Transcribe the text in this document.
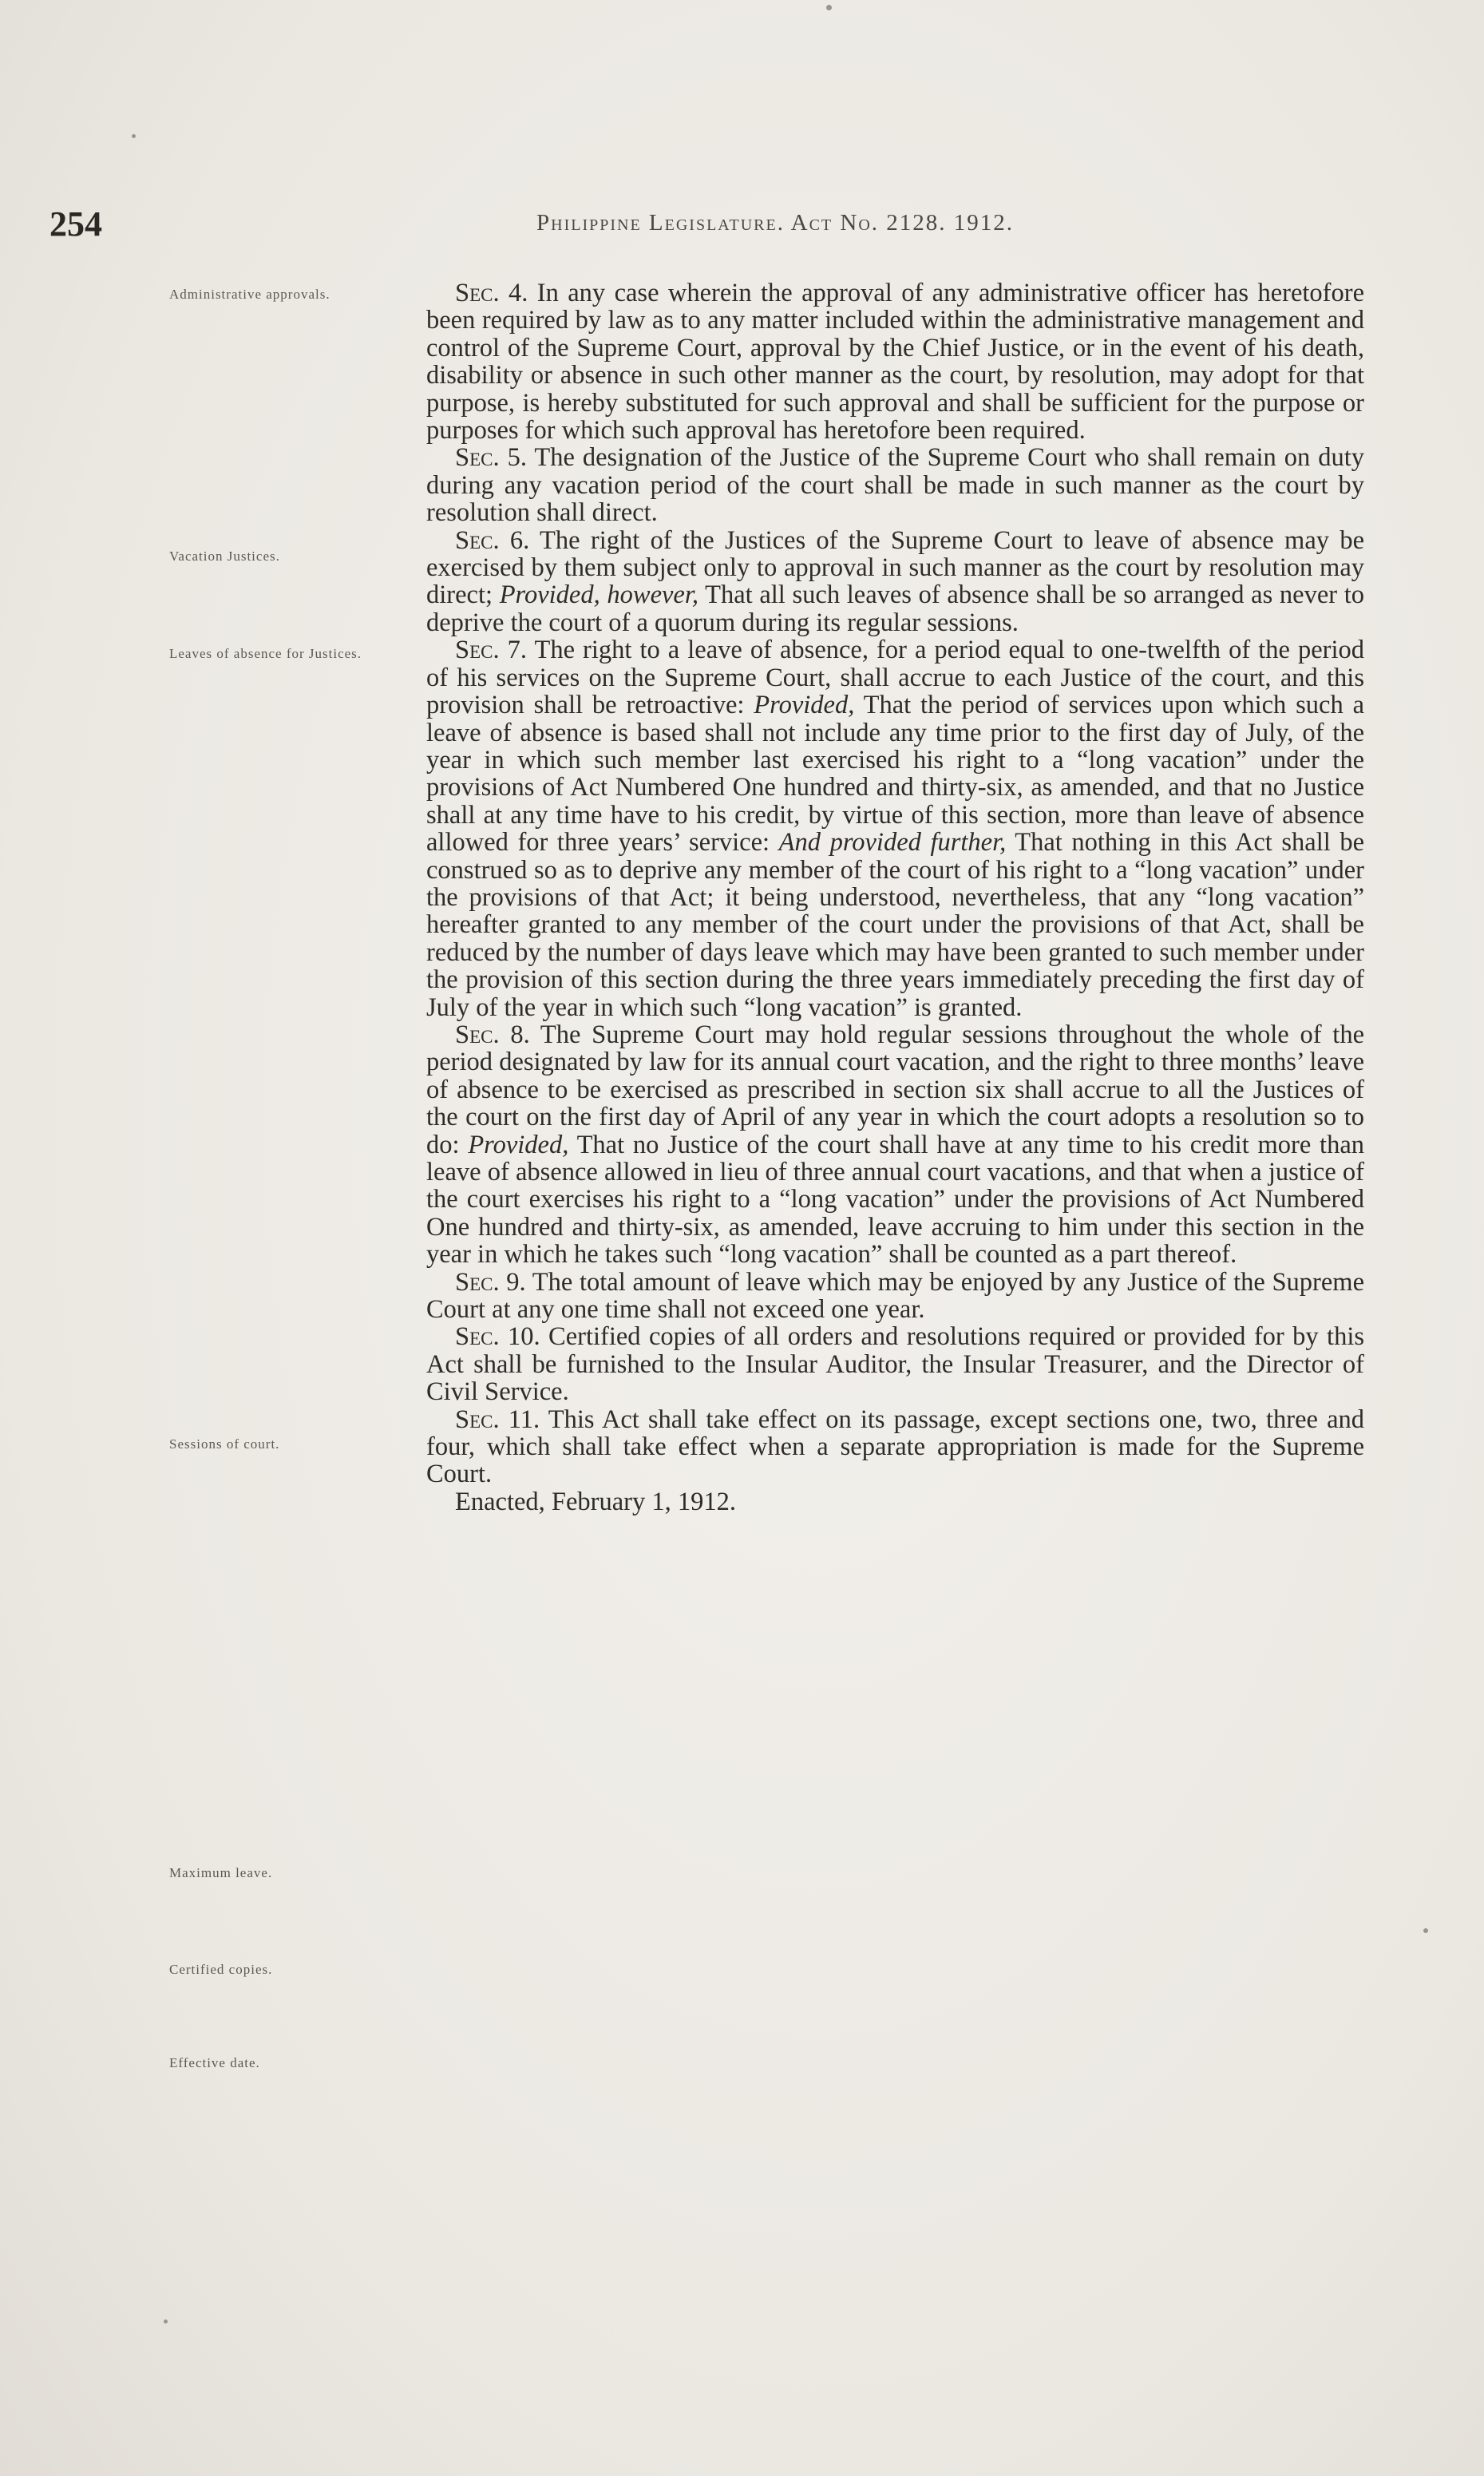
254	Philippine Legislature. Act No. 2128. 1912.
Administrative approvals.
Vacation Justices.
Leaves of absence for Justices.
Sessions of court.
Maximum leave.
Certified copies.
Effective date.

Sec. 4. In any case wherein the approval of any administrative officer has heretofore been required by law as to any matter included within the administrative management and control of the Supreme Court, approval by the Chief Justice, or in the event of his death, disability or absence in such other manner as the court, by resolution, may adopt for that purpose, is hereby substituted for such approval and shall be sufficient for the purpose or purposes for which such approval has heretofore been required.

Sec. 5. The designation of the Justice of the Supreme Court who shall remain on duty during any vacation period of the court shall be made in such manner as the court by resolution shall direct.

Sec. 6. The right of the Justices of the Supreme Court to leave of absence may be exercised by them subject only to approval in such manner as the court by resolution may direct; Provided, however, That all such leaves of absence shall be so arranged as never to deprive the court of a quorum during its regular sessions.

Sec. 7. The right to a leave of absence, for a period equal to one-twelfth of the period of his services on the Supreme Court, shall accrue to each Justice of the court, and this provision shall be retroactive: Provided, That the period of services upon which such a leave of absence is based shall not include any time prior to the first day of July, of the year in which such member last exercised his right to a “long vacation” under the provisions of Act Numbered One hundred and thirty-six, as amended, and that no Justice shall at any time have to his credit, by virtue of this section, more than leave of absence allowed for three years’ service: And provided further, That nothing in this Act shall be construed so as to deprive any member of the court of his right to a “long vacation” under the provisions of that Act; it being understood, nevertheless, that any “long vacation” hereafter granted to any member of the court under the provisions of that Act, shall be reduced by the number of days leave which may have been granted to such member under the provision of this section during the three years immediately preceding the first day of July of the year in which such “long vacation” is granted.

Sec. 8. The Supreme Court may hold regular sessions throughout the whole of the period designated by law for its annual court vacation, and the right to three months’ leave of absence to be exercised as prescribed in section six shall accrue to all the Justices of the court on the first day of April of any year in which the court adopts a resolution so to do: Provided, That no Justice of the court shall have at any time to his credit more than leave of absence allowed in lieu of three annual court vacations, and that when a justice of the court exercises his right to a “long vacation” under the provisions of Act Numbered One hundred and thirty-six, as amended, leave accruing to him under this section in the year in which he takes such “long vacation” shall be counted as a part thereof.

Sec. 9. The total amount of leave which may be enjoyed by any Justice of the Supreme Court at any one time shall not exceed one year.

Sec. 10. Certified copies of all orders and resolutions required or provided for by this Act shall be furnished to the Insular Auditor, the Insular Treasurer, and the Director of Civil Service.

Sec. 11. This Act shall take effect on its passage, except sections one, two, three and four, which shall take effect when a separate appropriation is made for the Supreme Court.

Enacted, February 1, 1912.
